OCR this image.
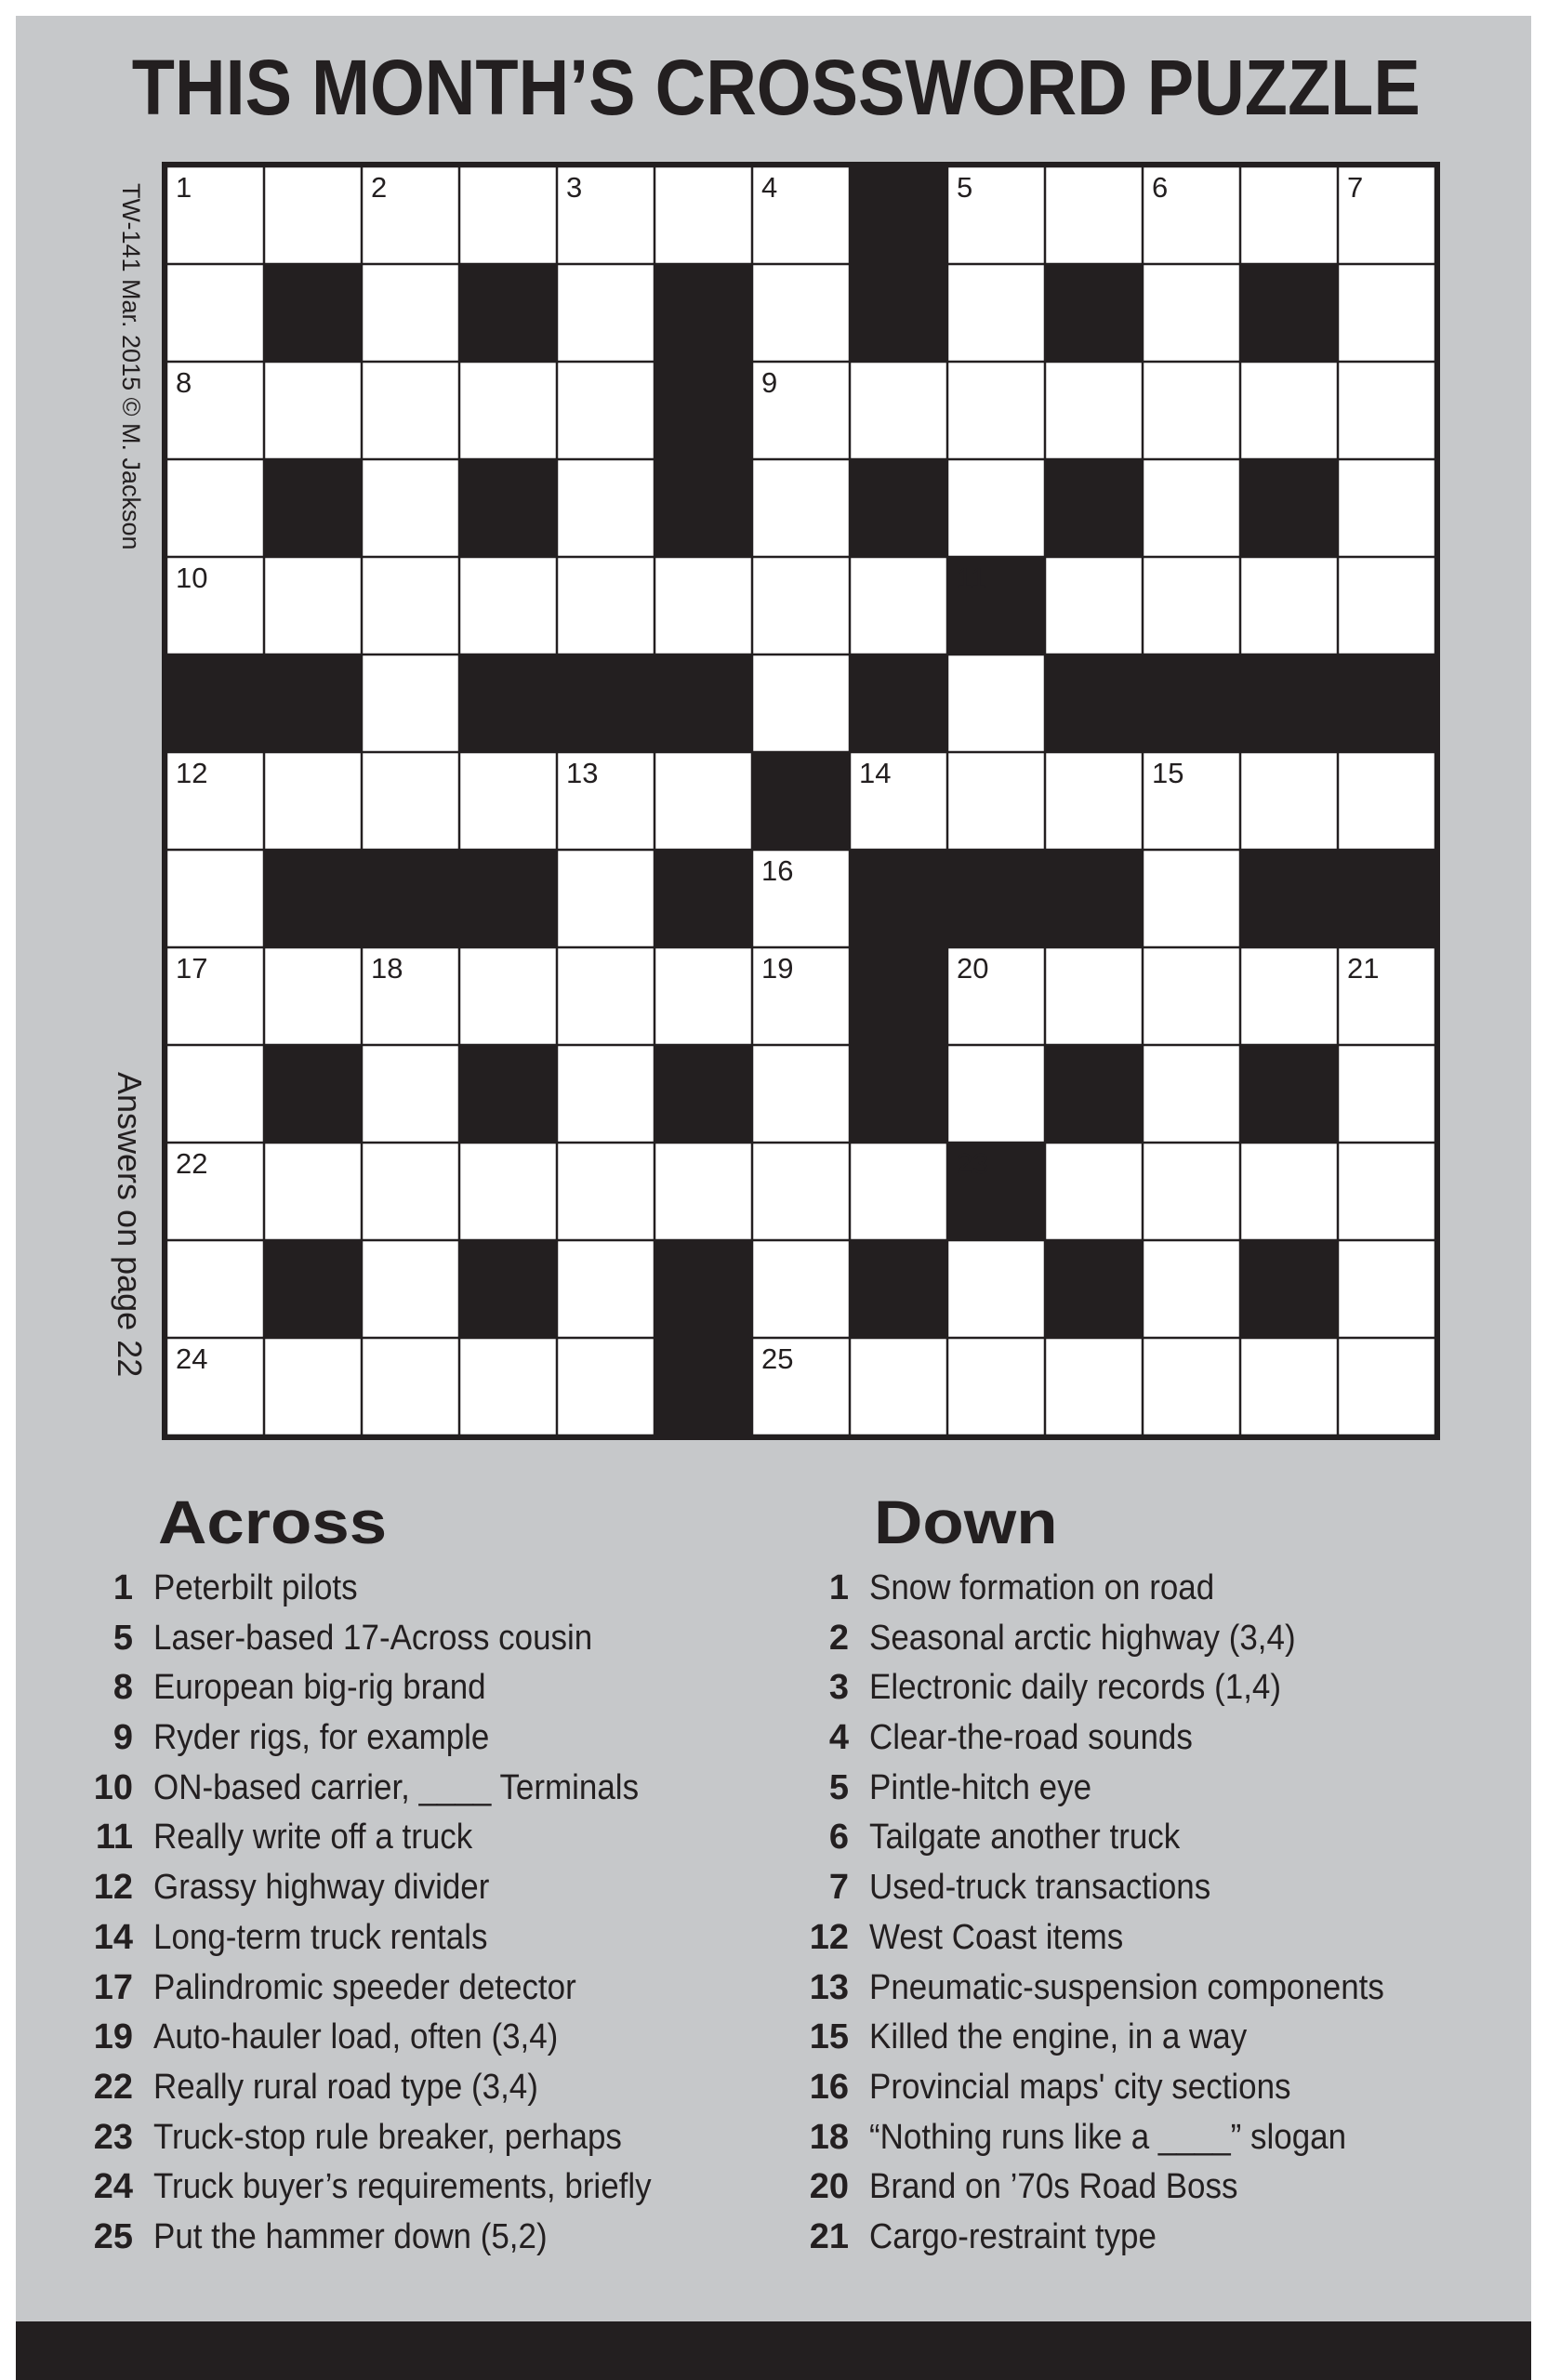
THIS MONTH’S CROSSWORD PUZZLE
TW-141 Mar. 2015 © M. Jackson
Answers on page 22
1	2	3	4	5	6	7
8	9
10	11
12	13	14	15
16
17	18	19	20	21
22	23
24	25
Across
1 Peterbilt pilots
5 Laser-based 17-Across cousin
8 European big-rig brand
9 Ryder rigs, for example
10 ON-based carrier, ____ Terminals
11 Really write off a truck
12 Grassy highway divider
14 Long-term truck rentals
17 Palindromic speeder detector
19 Auto-hauler load, often (3,4)
22 Really rural road type (3,4)
23 Truck-stop rule breaker, perhaps
24 Truck buyer’s requirements, briefly
25 Put the hammer down (5,2)
Down
1 Snow formation on road
2 Seasonal arctic highway (3,4)
3 Electronic daily records (1,4)
4 Clear-the-road sounds
5 Pintle-hitch eye
6 Tailgate another truck
7 Used-truck transactions
12 West Coast items
13 Pneumatic-suspension components
15 Killed the engine, in a way
16 Provincial maps' city sections
18 “Nothing runs like a ____” slogan
20 Brand on ’70s Road Boss
21 Cargo-restraint type
